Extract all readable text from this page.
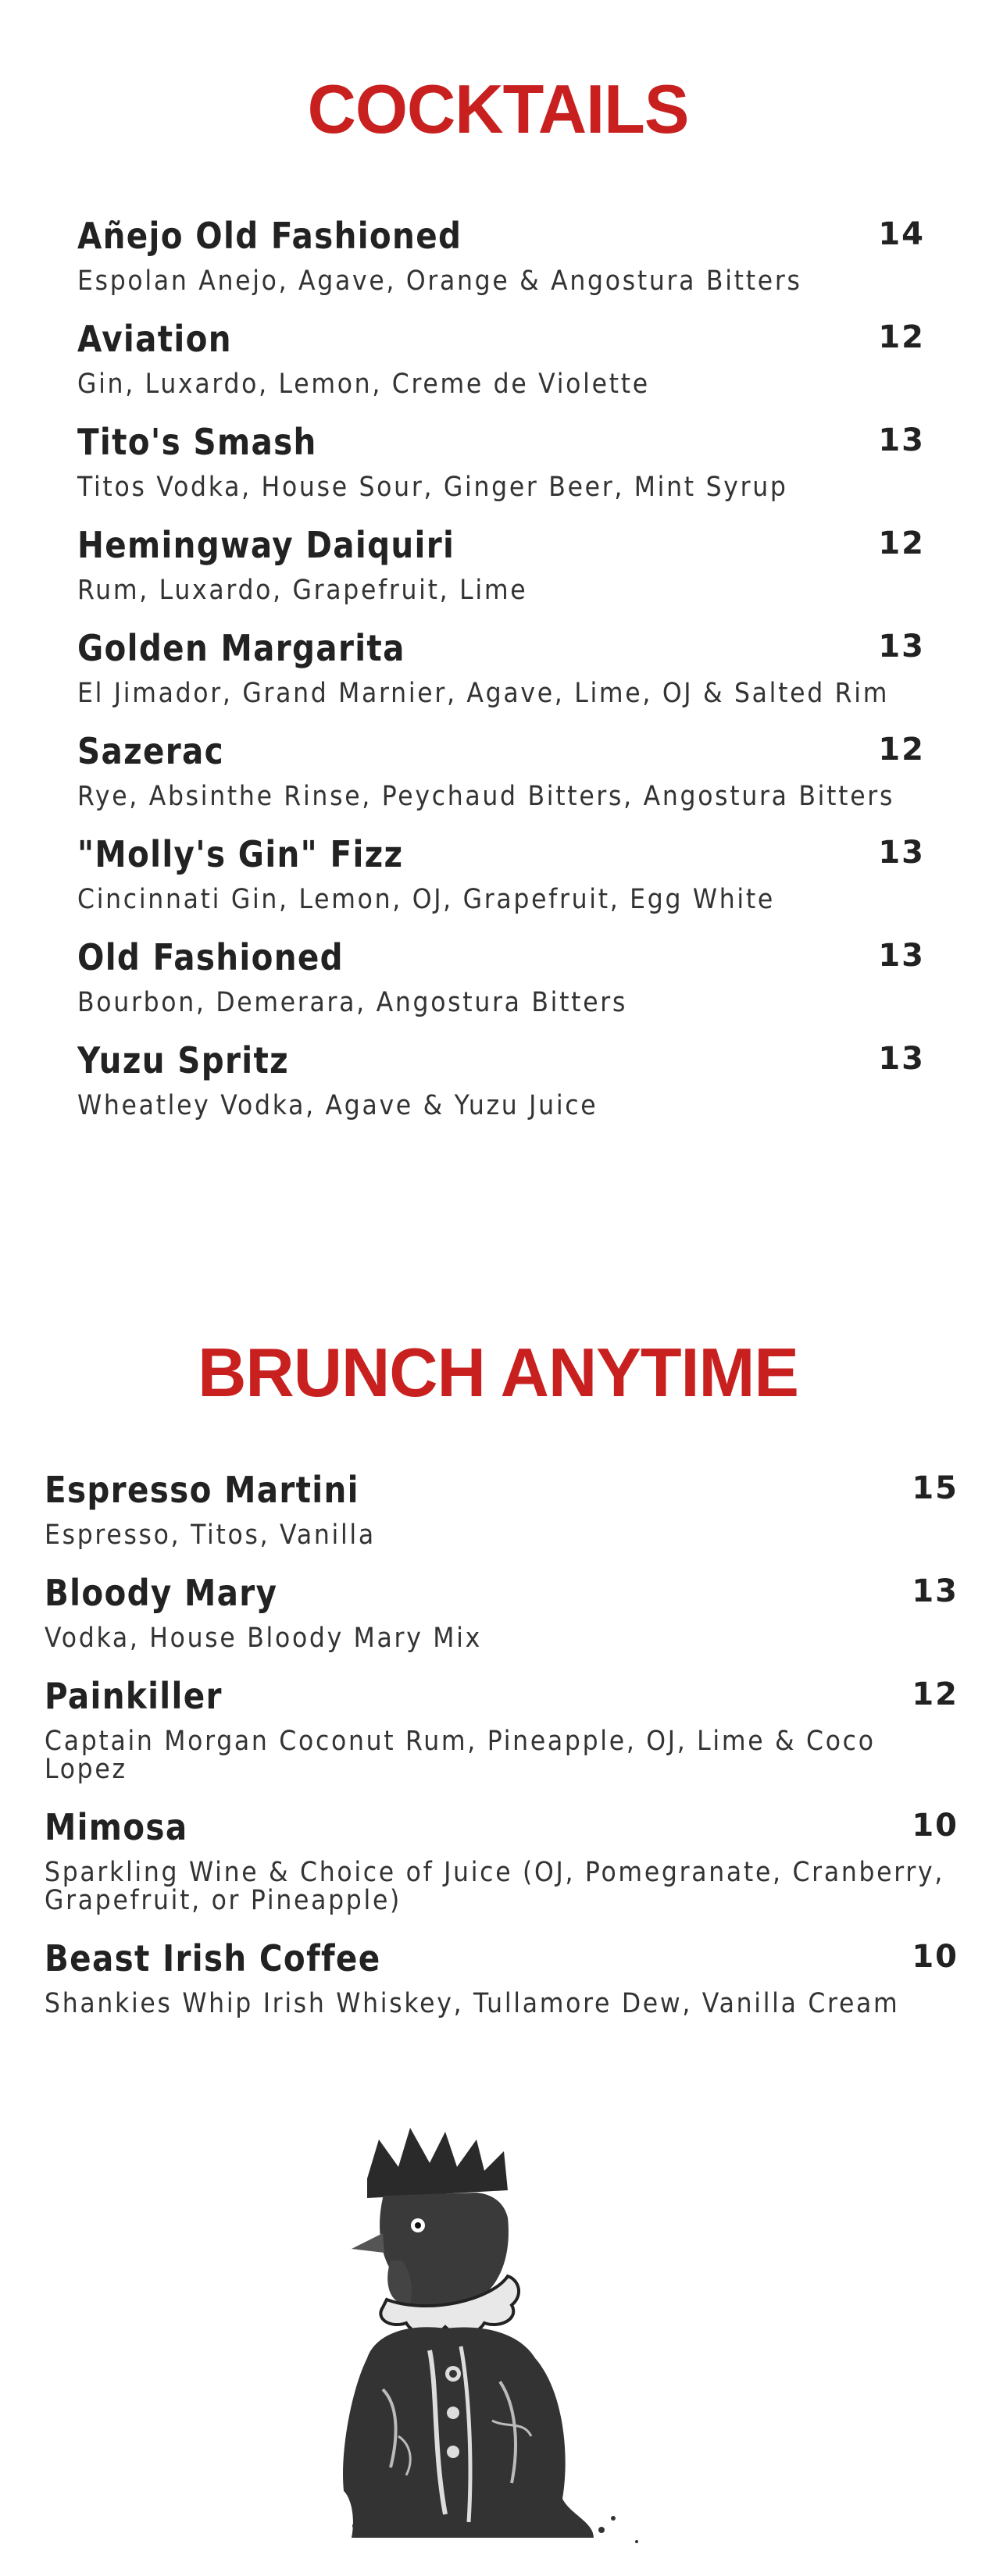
COCKTAILS
Añejo Old Fashioned	14
Espolan Anejo, Agave, Orange & Angostura Bitters
Aviation	12
Gin, Luxardo, Lemon, Creme de Violette
Tito's Smash	13
Titos Vodka, House Sour, Ginger Beer, Mint Syrup
Hemingway Daiquiri	12
Rum, Luxardo, Grapefruit, Lime
Golden Margarita	13
El Jimador, Grand Marnier, Agave, Lime, OJ & Salted Rim
Sazerac	12
Rye, Absinthe Rinse, Peychaud Bitters, Angostura Bitters
"Molly's Gin" Fizz	13
Cincinnati Gin, Lemon, OJ, Grapefruit, Egg White
Old Fashioned	13
Bourbon, Demerara, Angostura Bitters
Yuzu Spritz	13
Wheatley Vodka, Agave & Yuzu Juice
BRUNCH ANYTIME
Espresso Martini	15
Espresso, Titos, Vanilla
Bloody Mary	13
Vodka, House Bloody Mary Mix
Painkiller	12
Captain Morgan Coconut Rum, Pineapple, OJ, Lime & Coco Lopez
Mimosa	10
Sparkling Wine & Choice of Juice (OJ, Pomegranate, Cranberry, Grapefruit, or Pineapple)
Beast Irish Coffee	10
Shankies Whip Irish Whiskey, Tullamore Dew, Vanilla Cream
